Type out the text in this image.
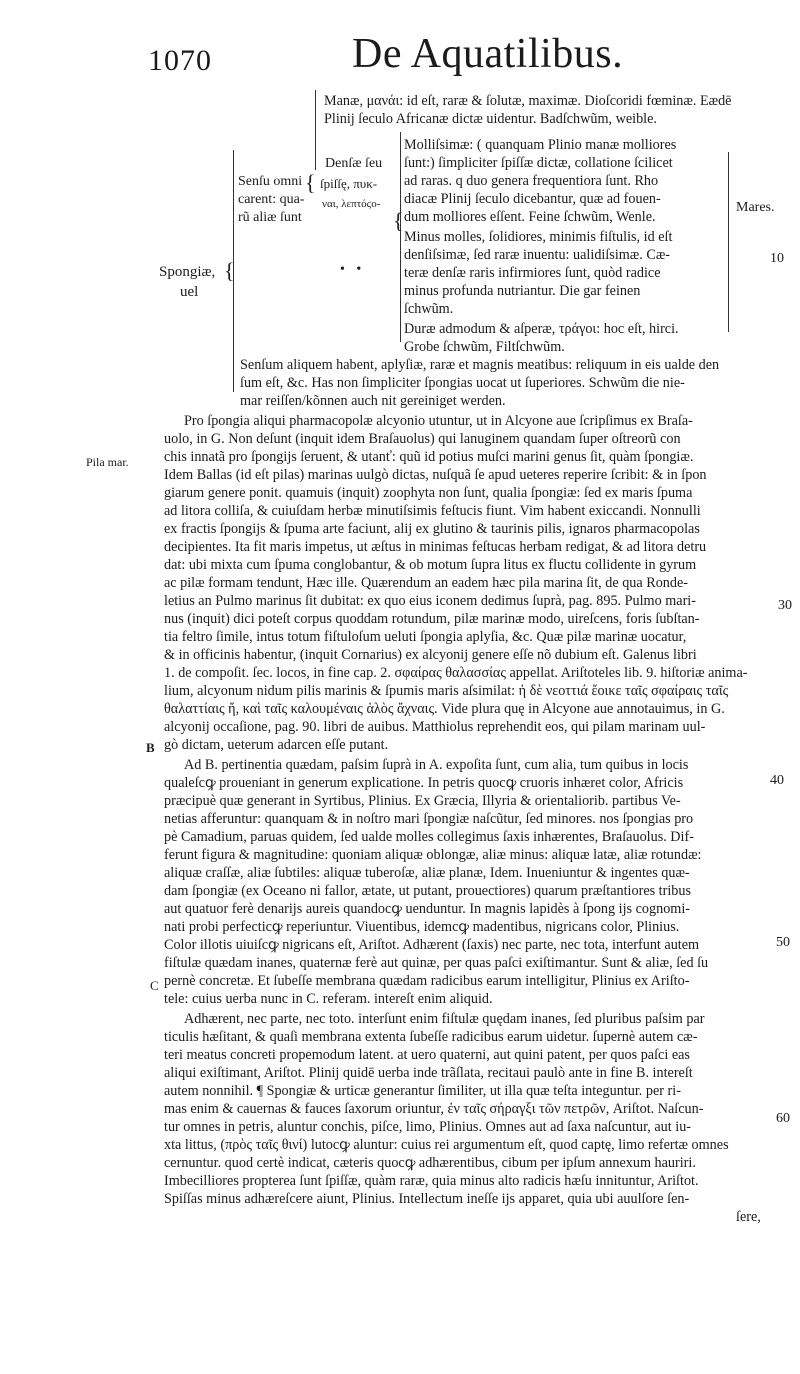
1070	De Aquatilibus.
{
{
{
• •
Spongiæ,
uel
Senſu omni
carent: qua-
rũ aliæ ſunt
Denſæ ſeu
ſpiſſę, πυκ-
ναι, λεπτόϛο-	Mares.
Pila mar.
B
C
10
30
40
50
60
Manæ, μανάι: id eſt, raræ & ſolutæ, maximæ. Dioſcoridi fœminæ. Eædē
Plinij ſeculo Africanæ dictæ uidentur. Badſchwũm, weible.
Molliſsimæ: ( quanquam Plinio manæ molliores
ſunt:) ſimpliciter ſpiſſæ dictæ, collatione ſcilicet
ad raras. q duo genera frequentiora ſunt. Rho
diacæ Plinij ſeculo dicebantur, quæ ad fouen-
dum molliores eſſent. Feine ſchwũm, Wenle.
Minus molles, ſolidiores, minimis fiſtulis, id eſt
denſiſsimæ, ſed raræ inuentu: ualidiſsimæ. Cæ-
teræ denſæ raris infirmiores ſunt, quòd radice
minus profunda nutriantur. Die gar feinen
ſchwũm.
Duræ admodum & aſperæ, τράγοι: hoc eſt, hirci.
Grobe ſchwũm, Filtſchwũm.
Senſum aliquem habent, aplyſiæ, raræ et magnis meatibus: reliquum in eis ualde den
ſum eſt, &c. Has non ſimpliciter ſpongias uocat ut ſuperiores. Schwũm die nie-
mar reiſſen/kõnnen auch nit gereiniget werden.
Pro ſpongia aliqui pharmacopolæ alcyonio utuntur, ut in Alcyone aue ſcripſimus ex Braſa-
uolo, in G. Non deſunt (inquit idem Braſauolus) qui lanuginem quandam ſuper oſtreorũ con
chis innatã pro ſpongijs ſeruent, & utanť: quũ id potius muſci marini genus ſit, quàm ſpongiæ.
Idem Ballas (id eſt pilas) marinas uulgò dictas, nuſquã ſe apud ueteres reperire ſcribit: & in ſpon
giarum genere ponit. quamuis (inquit) zoophyta non ſunt, qualia ſpongiæ: ſed ex maris ſpuma
ad litora colliſa, & cuiuſdam herbæ minutiſsimis feſtucis fiunt. Vim habent exiccandi. Nonnulli
ex fractis ſpongijs & ſpuma arte faciunt, alij ex glutino & taurinis pilis, ignaros pharmacopolas
decipientes. Ita fit maris impetus, ut æſtus in minimas feſtucas herbam redigat, & ad litora detru
dat: ubi mixta cum ſpuma conglobantur, & ob motum ſupra litus ex fluctu collidente in gyrum
ac pilæ formam tendunt, Hæc ille. Quærendum an eadem hæc pila marina ſit, de qua Ronde-
letius an Pulmo marinus ſit dubitat: ex quo eius iconem dedimus ſuprà, pag. 895. Pulmo mari-
nus (inquit) dici poteſt corpus quoddam rotundum, pilæ marinæ modo, uireſcens, foris ſubſtan-
tia feltro ſimile, intus totum fiſtuloſum ueluti ſpongia aplyſia, &c. Quæ pilæ marinæ uocatur,
& in officinis habentur, (inquit Cornarius) ex alcyonij genere eſſe nõ dubium eſt. Galenus libri
1. de compoſit. ſec. locos, in fine cap. 2. σφαίρας θαλασσίας appellat. Ariſtoteles lib. 9. hiſtoriæ anima-
lium, alcyonum nidum pilis marinis & ſpumis maris aſsimilat: ἡ δὲ νεοττιά ἔοικε ταῖς σφαίραις ταῖς
θαλαττίαις ἤ, καὶ ταῖς καλουμέναις ἁλὸς ἄχναις. Vide plura quę in Alcyone aue annotauimus, in G.
alcyonij occaſione, pag. 90. libri de auibus. Matthiolus reprehendit eos, qui pilam marinam uul-
gò dictam, ueterum adarcen eſſe putant.
Ad B. pertinentia quædam, paſsim ſuprà in A. expoſita ſunt, cum alia, tum quibus in locis
qualeſcꝙ proueniant in generum explicatione. In petris quocꝙ cruoris inhæret color, Africis
præcipuè quæ generant in Syrtibus, Plinius. Ex Græcia, Illyria & orientaliorib. partibus Ve-
netias afferuntur: quanquam & in noſtro mari ſpongiæ naſcũtur, ſed minores. nos ſpongias pro
pè Camadium, paruas quidem, ſed ualde molles collegimus ſaxis inhærentes, Braſauolus. Dif-
ferunt figura & magnitudine: quoniam aliquæ oblongæ, aliæ minus: aliquæ latæ, aliæ rotundæ:
aliquæ craſſæ, aliæ ſubtiles: aliquæ tuberoſæ, aliæ planæ, Idem. Inueniuntur & ingentes quæ-
dam ſpongiæ (ex Oceano ni fallor, ætate, ut putant, prouectiores) quarum præſtantiores tribus
aut quatuor ferè denarijs aureis quandocꝙ uenduntur. In magnis lapidès à ſpong ijs cognomi-
nati probi perfecticꝙ reperiuntur. Viuentibus, idemcꝙ madentibus, nigricans color, Plinius.
Color illotis uiuiſcꝙ nigricans eſt, Ariſtot. Adhærent (ſaxis) nec parte, nec tota, interfunt autem
fiſtulæ quædam inanes, quaternæ ferè aut quinæ, per quas paſci exiſtimantur. Sunt & aliæ, ſed ſu
pernè concretæ. Et ſubeſſe membrana quædam radicibus earum intelligitur, Plinius ex Ariſto-
tele: cuius uerba nunc in C. referam. intereſt enim aliquid.
Adhærent, nec parte, nec toto. interſunt enim fiſtulæ quędam inanes, ſed pluribus paſsim par
ticulis hæſitant, & quaſi membrana extenta ſubeſſe radicibus earum uidetur. ſupernè autem cæ-
teri meatus concreti propemodum latent. at uero quaterni, aut quini patent, per quos paſci eas
aliqui exiſtimant, Ariſtot. Plinij quidē uerba inde trãſlata, recitaui paulò ante in fine B. intereſt
autem nonnihil. ¶ Spongiæ & urticæ generantur ſimiliter, ut illa quæ teſta integuntur. per ri-
mas enim & cauernas & fauces ſaxorum oriuntur, ἐν ταῖς σήραγξι τῶν πετρῶν, Ariſtot. Naſcun-
tur omnes in petris, aluntur conchis, piſce, limo, Plinius. Omnes aut ad ſaxa naſcuntur, aut iu-
xta littus, (πρὸς ταῖς θινί) lutocꝙ aluntur: cuius rei argumentum eſt, quod captę, limo refertæ omnes
cernuntur. quod certè indicat, cæteris quocꝙ adhærentibus, cibum per ipſum annexum hauriri.
Imbecilliores propterea ſunt ſpiſſæ, quàm raræ, quia minus alto radicis hæſu innituntur, Ariſtot.
Spiſſas minus adhæreſcere aiunt, Plinius. Intellectum ineſſe ijs apparet, quia ubi auulſore ſen-
ſere,
